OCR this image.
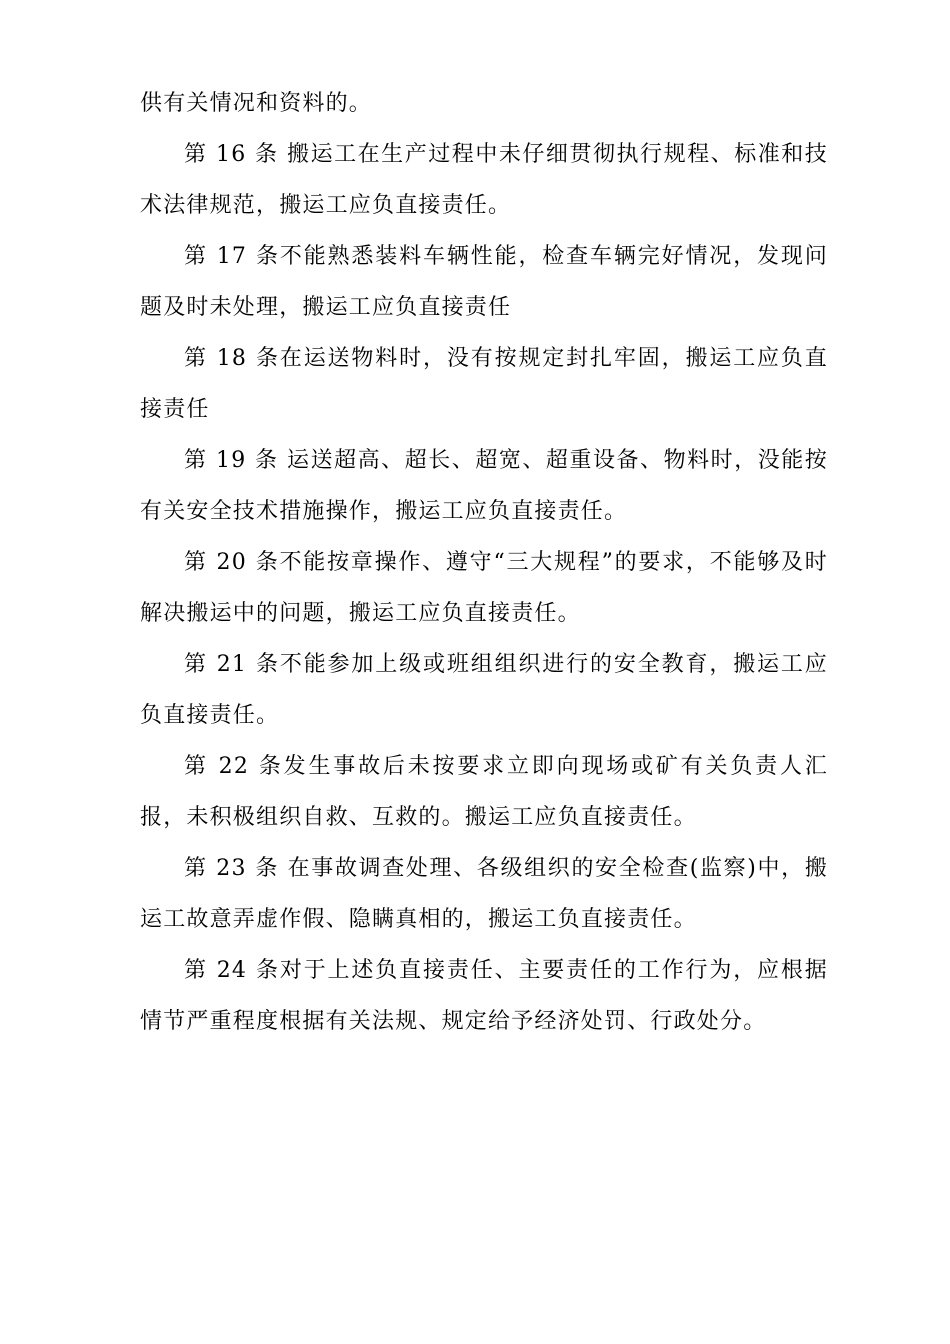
供有关情况和资料的。

第 16 条 搬运工在生产过程中未仔细贯彻执行规程、标准和技术法律规范，搬运工应负直接责任。

第 17 条不能熟悉装料车辆性能，检查车辆完好情况，发现问题及时未处理，搬运工应负直接责任

第 18 条在运送物料时，没有按规定封扎牢固，搬运工应负直接责任

第 19 条 运送超高、超长、超宽、超重设备、物料时，没能按有关安全技术措施操作，搬运工应负直接责任。

第 20 条不能按章操作、遵守“三大规程”的要求，不能够及时解决搬运中的问题，搬运工应负直接责任。

第 21 条不能参加上级或班组组织进行的安全教育，搬运工应负直接责任。

第 22 条发生事故后未按要求立即向现场或矿有关负责人汇报，未积极组织自救、互救的。搬运工应负直接责任。

第 23 条 在事故调查处理、各级组织的安全检查(监察)中，搬运工故意弄虚作假、隐瞒真相的，搬运工负直接责任。

第 24 条对于上述负直接责任、主要责任的工作行为，应根据情节严重程度根据有关法规、规定给予经济处罚、行政处分。
